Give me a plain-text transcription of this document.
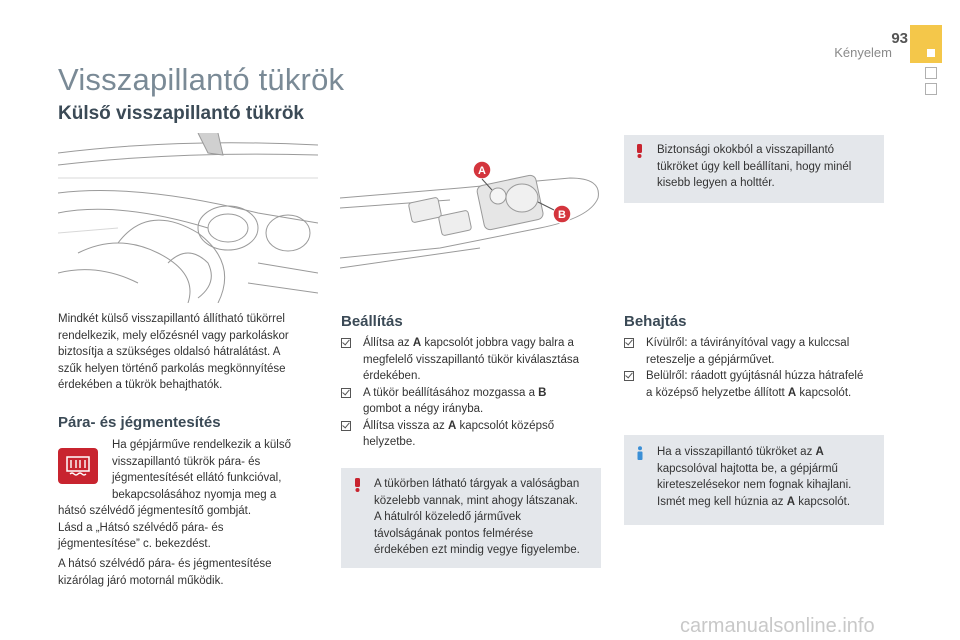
93
Kényelem
Visszapillantó tükrök
Külső visszapillantó tükrök
A
B
Biztonsági okokból a visszapillantó
tükröket úgy kell beállítani, hogy minél
kisebb legyen a holttér.
Mindkét külső visszapillantó állítható tükörrel
rendelkezik, mely előzésnél vagy parkoláskor
biztosítja a szükséges oldalsó hátralátást. A
szűk helyen történő parkolás megkönnyítése
érdekében a tükrök behajthatók.
Pára- és jégmentesítés
Ha gépjárműve rendelkezik a külső
visszapillantó tükrök pára- és
jégmentesítését ellátó funkcióval,
bekapcsolásához nyomja meg a
hátsó szélvédő jégmentesítő gombját.
Lásd a „Hátsó szélvédő pára- és
jégmentesítése” c. bekezdést.
A hátsó szélvédő pára- és jégmentesítése
kizárólag járó motornál működik.
Beállítás
Állítsa az A kapcsolót jobbra vagy balra a
megfelelő visszapillantó tükör kiválasztása
érdekében.
A tükör beállításához mozgassa a B
gombot a négy irányba.
Állítsa vissza az A kapcsolót középső
helyzetbe.
A tükörben látható tárgyak a valóságban
közelebb vannak, mint ahogy látszanak.
A hátulról közeledő járművek
távolságának pontos felmérése
érdekében ezt mindig vegye figyelembe.
Behajtás
Kívülről: a távirányítóval vagy a kulccsal
reteszelje a gépjárművet.
Belülről: ráadott gyújtásnál húzza hátrafelé
a középső helyzetbe állított A kapcsolót.
Ha a visszapillantó tükröket az A
kapcsolóval hajtotta be, a gépjármű
kireteszelésekor nem fognak kihajlani.
Ismét meg kell húznia az A kapcsolót.
carmanualsonline.info
